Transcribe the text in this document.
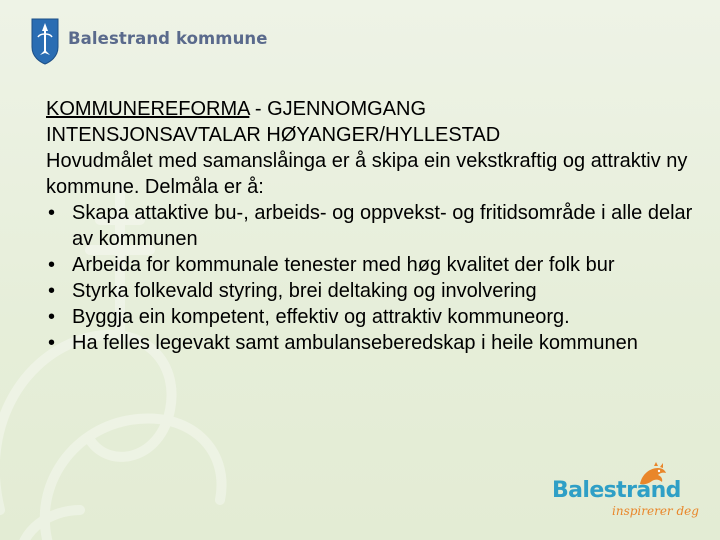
Balestrand kommune
KOMMUNEREFORMA - GJENNOMGANG
INTENSJONSAVTALAR HØYANGER/HYLLESTAD

Hovudmålet med samanslåinga er å skipa ein vekstkraftig og attraktiv ny kommune. Delmåla er å:

• Skapa attaktive bu-, arbeids- og oppvekst- og fritidsområde i alle delar av kommunen
• Arbeida for kommunale tenester med høg kvalitet der folk bur
• Styrka folkevald styring, brei deltaking og involvering
• Byggja ein kompetent, effektiv og attraktiv kommuneorg.
• Ha felles legevakt samt ambulanseberedskap i heile kommunen
Balestrand
inspirerer deg
